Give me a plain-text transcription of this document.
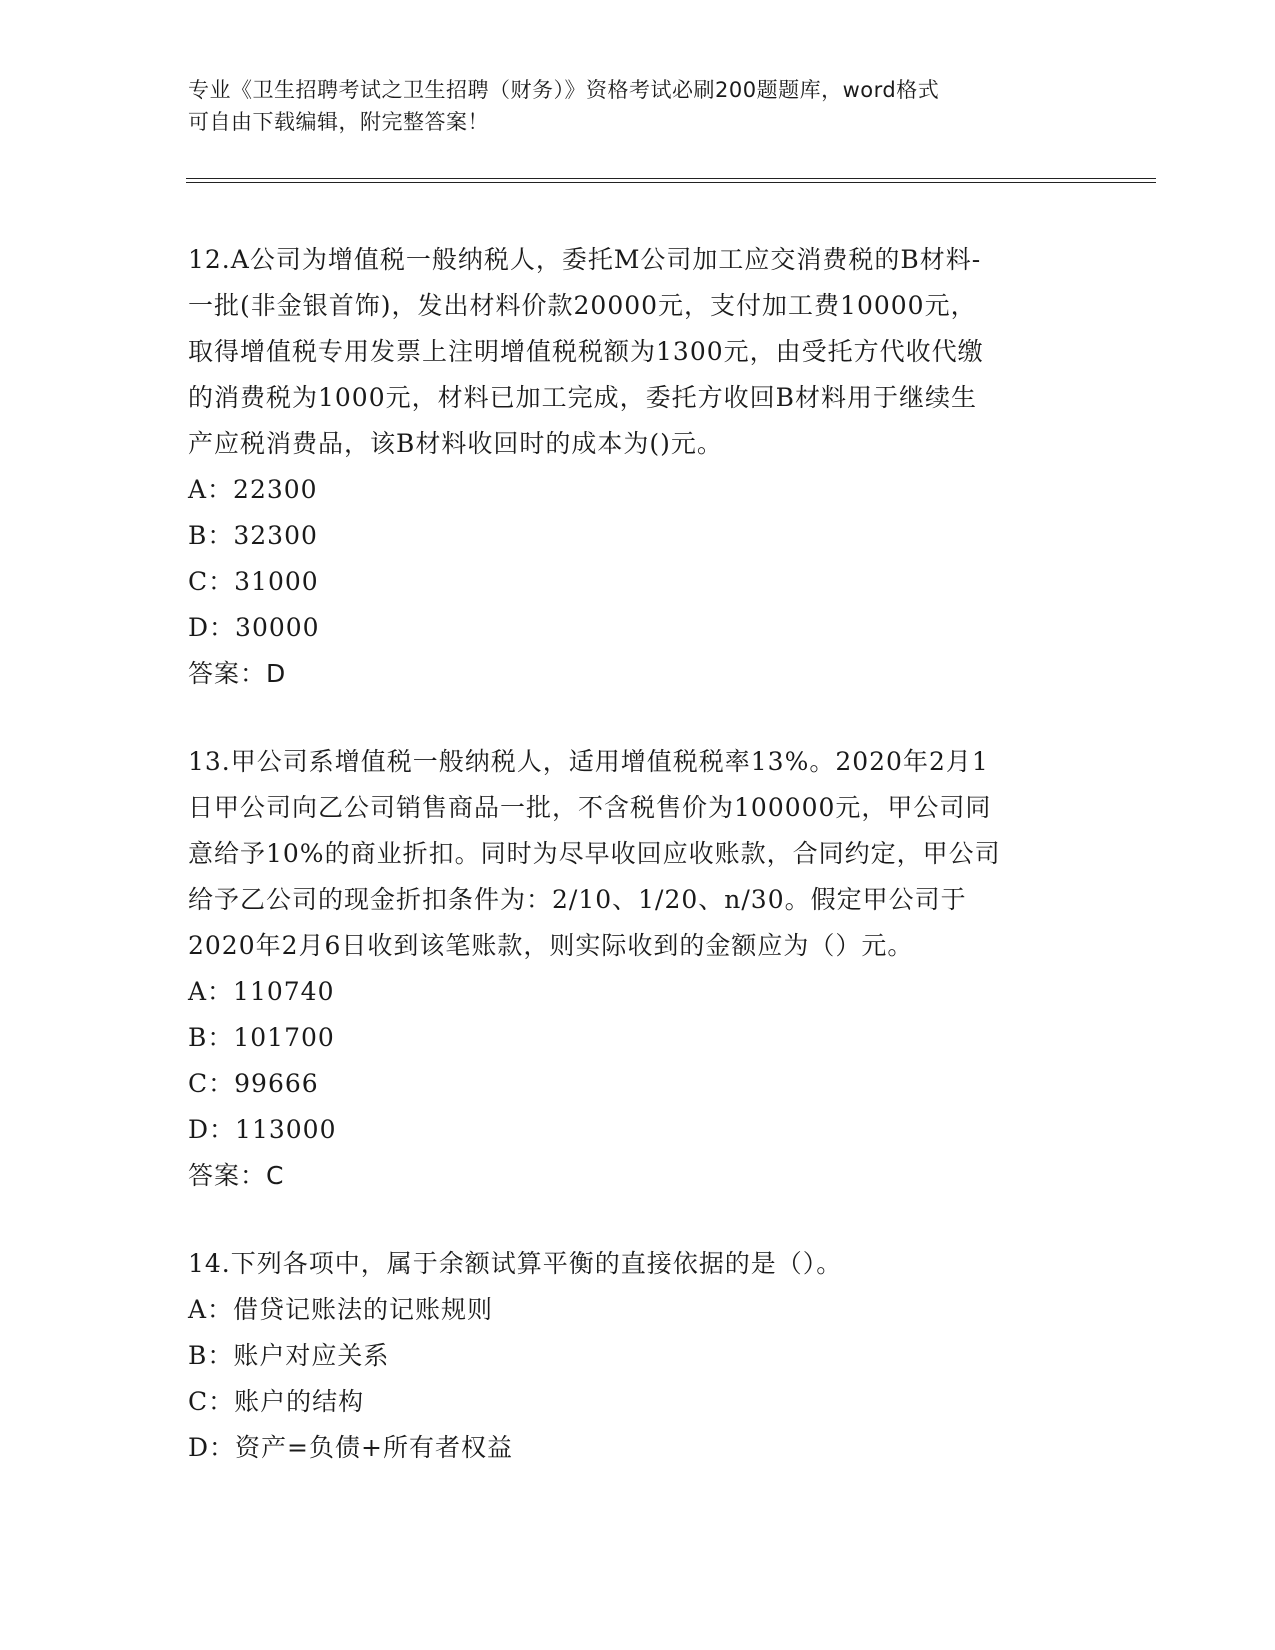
专业《卫生招聘考试之卫生招聘（财务）》资格考试必刷200题题库，word格式
可自由下载编辑，附完整答案！
12.A公司为增值税一般纳税人，委托M公司加工应交消费税的B材料-
一批(非金银首饰)，发出材料价款20000元，支付加工费10000元，
取得增值税专用发票上注明增值税税额为1300元，由受托方代收代缴
的消费税为1000元，材料已加工完成，委托方收回B材料用于继续生
产应税消费品，该B材料收回时的成本为()元。
A：22300
B：32300
C：31000
D：30000
答案：D
13.甲公司系增值税一般纳税人，适用增值税税率13%。2020年2月1
日甲公司向乙公司销售商品一批，不含税售价为100000元，甲公司同
意给予10%的商业折扣。同时为尽早收回应收账款，合同约定，甲公司
给予乙公司的现金折扣条件为：2/10、1/20、n/30。假定甲公司于
2020年2月6日收到该笔账款，则实际收到的金额应为（）元。
A：110740
B：101700
C：99666
D：113000
答案：C
14.下列各项中，属于余额试算平衡的直接依据的是（）。
A：借贷记账法的记账规则
B：账户对应关系
C：账户的结构
D：资产=负债+所有者权益
